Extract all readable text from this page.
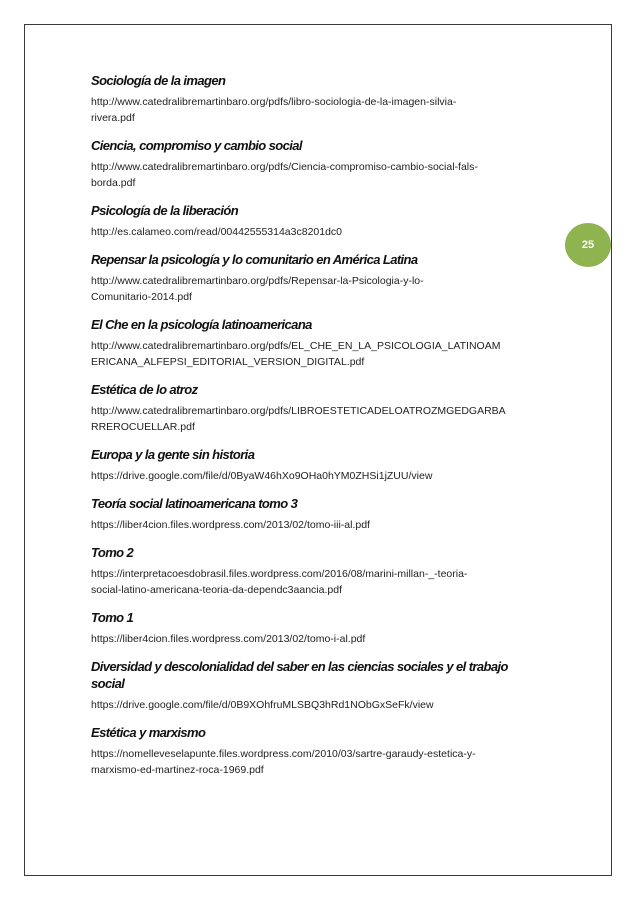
25

Sociología de la imagen

http://www.catedralibremartinbaro.org/pdfs/libro-sociologia-de-la-imagen-silvia-
rivera.pdf

Ciencia, compromiso y cambio social

http://www.catedralibremartinbaro.org/pdfs/Ciencia-compromiso-cambio-social-fals-
borda.pdf

Psicología de la liberación

http://es.calameo.com/read/00442555314a3c8201dc0

Repensar la psicología y lo comunitario en América Latina

http://www.catedralibremartinbaro.org/pdfs/Repensar-la-Psicologia-y-lo-
Comunitario-2014.pdf

El Che en la psicología latinoamericana

http://www.catedralibremartinbaro.org/pdfs/EL_CHE_EN_LA_PSICOLOGIA_LATINOAM
ERICANA_ALFEPSI_EDITORIAL_VERSION_DIGITAL.pdf

Estética de lo atroz

http://www.catedralibremartinbaro.org/pdfs/LIBROESTETICADELOATROZMGEDGARBA
RREROCUELLAR.pdf

Europa y la gente sin historia

https://drive.google.com/file/d/0ByaW46hXo9OHa0hYM0ZHSi1jZUU/view

Teoría social latinoamericana tomo 3

https://liber4cion.files.wordpress.com/2013/02/tomo-iii-al.pdf

Tomo 2

https://interpretacoesdobrasil.files.wordpress.com/2016/08/marini-millan-_-teoria-
social-latino-americana-teoria-da-dependc3aancia.pdf

Tomo 1

https://liber4cion.files.wordpress.com/2013/02/tomo-i-al.pdf

Diversidad y descolonialidad del saber en las ciencias sociales y el trabajo
social

https://drive.google.com/file/d/0B9XOhfruMLSBQ3hRd1NObGxSeFk/view

Estética y marxismo

https://nomelleveselapunte.files.wordpress.com/2010/03/sartre-garaudy-estetica-y-
marxismo-ed-martinez-roca-1969.pdf
